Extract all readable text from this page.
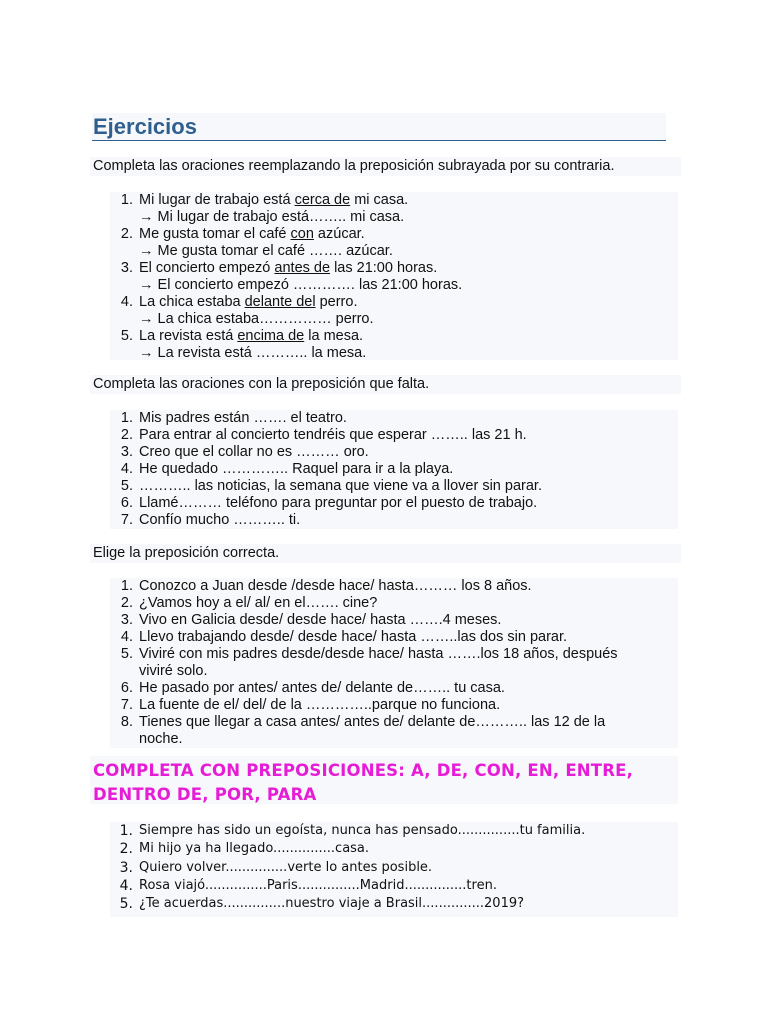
Ejercicios
Completa las oraciones reemplazando la preposición subrayada por su contraria.
1. Mi lugar de trabajo está cerca de mi casa.
→ Mi lugar de trabajo está…….. mi casa.
2. Me gusta tomar el café con azúcar.
→ Me gusta tomar el café ……. azúcar.
3. El concierto empezó antes de las 21:00 horas.
→ El concierto empezó …………. las 21:00 horas.
4. La chica estaba delante del perro.
→ La chica estaba…………… perro.
5. La revista está encima de la mesa.
→ La revista está ……….. la mesa.
Completa las oraciones con la preposición que falta.
1. Mis padres están ……. el teatro.
2. Para entrar al concierto tendréis que esperar …….. las 21 h.
3. Creo que el collar no es ……… oro.
4. He quedado ………….. Raquel para ir a la playa.
5. ……….. las noticias, la semana que viene va a llover sin parar.
6. Llamé……… teléfono para preguntar por el puesto de trabajo.
7. Confío mucho ……….. ti.
Elige la preposición correcta.
1. Conozco a Juan desde /desde hace/ hasta……… los 8 años.
2. ¿Vamos hoy a el/ al/ en el……. cine?
3. Vivo en Galicia desde/ desde hace/ hasta …….4 meses.
4. Llevo trabajando desde/ desde hace/ hasta ……..las dos sin parar.
5. Viviré con mis padres desde/desde hace/ hasta …….los 18 años, después viviré solo.
6. He pasado por antes/ antes de/ delante de…….. tu casa.
7. La fuente de el/ del/ de la …………..parque no funciona.
8. Tienes que llegar a casa antes/ antes de/ delante de……….. las 12 de la noche.
COMPLETA CON PREPOSICIONES: A, DE, CON, EN, ENTRE, DENTRO DE, POR, PARA
1. Siempre has sido un egoísta, nunca has pensado...............tu familia.
2. Mi hijo ya ha llegado...............casa.
3. Quiero volver...............verte lo antes posible.
4. Rosa viajó...............Paris...............Madrid...............tren.
5. ¿Te acuerdas...............nuestro viaje a Brasil...............2019?
